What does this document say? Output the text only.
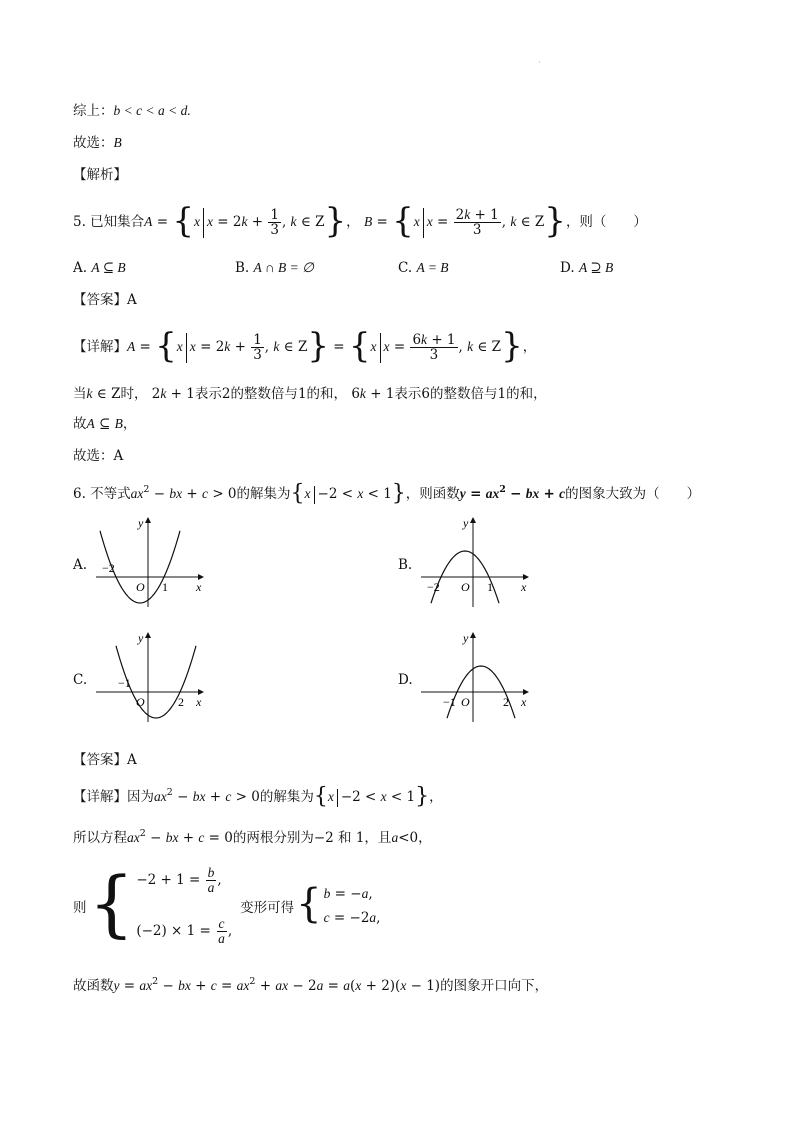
·
综上：b < c < a < d.
故选：B
【解析】
5. 已知集合A = {x $x = 2k + \frac{1}{3}$ , k ∈ Z}， B = {x $x = \frac{2k + 1}{3}$ , k ∈ Z}，则（　　）
A. A ⊆ B	B. A ∩ B = ∅	C. A = B	D. A ⊇ B
【答案】A
【详解】A = {x $x = 2k + \frac{1}{3}$ , k ∈ Z} = {x $x = \frac{6k + 1}{3}$ , k ∈ Z}，
当k ∈ Z时， 2k + 1表示2的整数倍与1的和， 6k + 1表示6的整数倍与1的和，
故A ⊆ B，
故选：A
6. 不等式$ax^2$ − bx + c > 0的解集为{x −2 < x < 1}，则函数$y = ax^2$ − bx + c的图象大致为（　　）
A.	B.
C.	D.
−2
1
O	x
y
−2	1
O	x
y
−1
2
O	x
y
−1	2
O	x
y
【答案】A
【详解】因为$ax^2$ − bx + c > 0的解集为{x −2 < x < 1}，
所以方程$ax^2$ − bx + c = 0的两根分别为−2 和 1，且a<0，
则 { $-2 + 1 = \frac{b}{a}$ ,
$(-2) \times 1 = \frac{c}{a}$ ,
变形可得 { b = −a,
c = −2a,
故函数$y = ax^2$ − bx + $c = ax^2$ + ax − 2a = a(x + 2)(x − 1)的图象开口向下，
